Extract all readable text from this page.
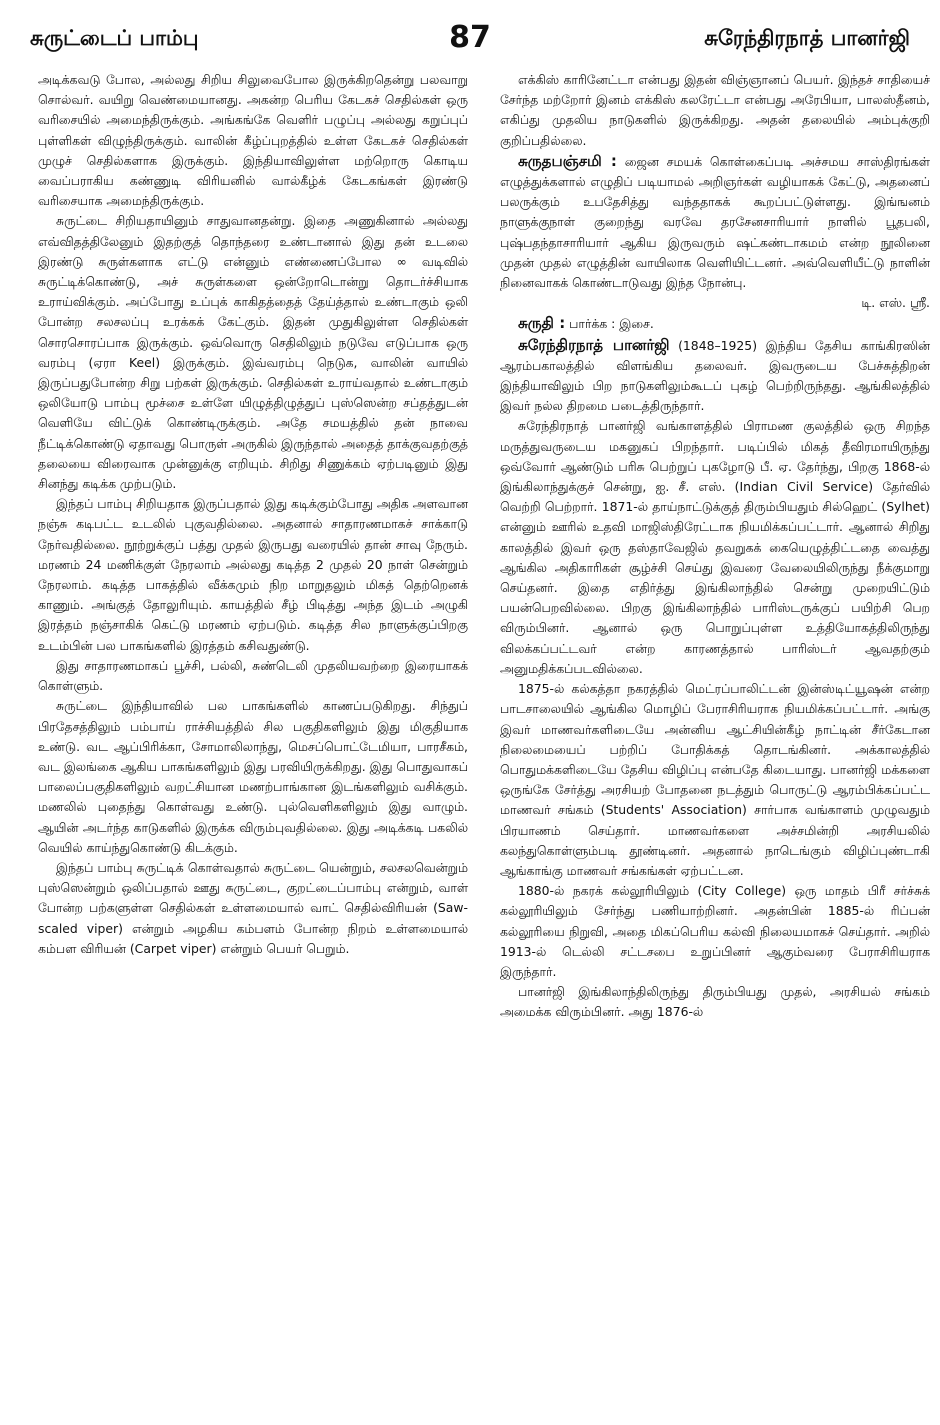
சுருட்டைப் பாம்பு	87	சுரேந்திரநாத் பானர்ஜி

அடிக்கவடு போல, அல்லது சிறிய சிலுவைபோல இருக்கிறதென்று பலவாறு சொல்வர். வயிறு வெண்மையானது. அகன்ற பெரிய கேடகச் செதில்கள் ஒரு வரிசையில் அமைந்திருக்கும். அங்கங்கே வெளிர் பழுப்பு அல்லது கறுப்புப் புள்ளிகள் விழுந்திருக்கும். வாலின் கீழ்ப்புறத்தில் உள்ள கேடகச் செதில்கள் முழுச் செதில்களாக இருக்கும். இந்தியாவிலுள்ள மற்றொரு கொடிய வைப்பராகிய கண்ணுடி விரியனில் வால்கீழ்க் கேடகங்கள் இரண்டு வரிசையாக அமைந்திருக்கும்.

சுருட்டை சிறியதாயினும் சாதுவானதன்று. இதை அணுகினால் அல்லது எவ்விதத்திலேனும் இதற்குத் தொந்தரை உண்டானால் இது தன் உடலை இரண்டு சுருள்களாக எட்டு என்னும் எண்ணைப்போல ∞ வடிவில் சுருட்டிக்கொண்டு, அச் சுருள்களை ஒன்றோடொன்று தொடர்ச்சியாக உராய்விக்கும். அப்போது உப்புக் காகிதத்தைத் தேய்த்தால் உண்டாகும் ஒலி போன்ற சலசலப்பு உரக்கக் கேட்கும். இதன் முதுகிலுள்ள செதில்கள் சொரசொரப்பாக இருக்கும். ஒவ்வொரு செதிலிலும் நடுவே எடுப்பாக ஒரு வரம்பு (ஏரா Keel) இருக்கும். இவ்வரம்பு நெடுக, வாலின் வாயில் இருப்பதுபோன்ற சிறு பற்கள் இருக்கும். செதில்கள் உராய்வதால் உண்டாகும் ஒலியோடு பாம்பு மூச்சை உள்ளே யிழுத்திழுத்துப் புஸ்ஸென்ற சப்தத்துடன் வெளியே விட்டுக் கொண்டிருக்கும். அதே சமயத்தில் தன் நாவை நீட்டிக்கொண்டு ஏதாவது பொருள் அருகில் இருந்தால் அதைத் தாக்குவதற்குத் தலையை விரைவாக முன்னுக்கு எறியும். சிறிது சிணுக்கம் ஏற்படினும் இது சினந்து கடிக்க முற்படும்.

இந்தப் பாம்பு சிறியதாக இருப்பதால் இது கடிக்கும்போது அதிக அளவான நஞ்சு கடிபட்ட உடலில் புகுவதில்லை. அதனால் சாதாரணமாகச் சாக்காடு நேர்வதில்லை. நூற்றுக்குப் பத்து முதல் இருபது வரையில் தான் சாவு நேரும். மரணம் 24 மணிக்குள் நேரலாம் அல்லது கடித்த 2 முதல் 20 நாள் சென்றும் நேரலாம். கடித்த பாகத்தில் வீக்கமும் நிற மாறுதலும் மிகத் தெற்றெனக் காணும். அங்குத் தோலுரியும். காயத்தில் சீழ் பிடித்து அந்த இடம் அழுகி இரத்தம் நஞ்சாகிக் கெட்டு மரணம் ஏற்படும். கடித்த சில நாளுக்குப்பிறகு உடம்பின் பல பாகங்களில் இரத்தம் கசிவதுண்டு.

இது சாதாரணமாகப் பூச்சி, பல்லி, சுண்டெலி முதலியவற்றை இரையாகக் கொள்ளும்.

சுருட்டை இந்தியாவில் பல பாகங்களில் காணப்படுகிறது. சிந்துப் பிரதேசத்திலும் பம்பாய் ராச்சியத்தில் சில பகுதிகளிலும் இது மிகுதியாக உண்டு. வட ஆப்பிரிக்கா, சோமாலிலாந்து, மெசப்பொட்டேமியா, பாரசீகம், வட இலங்கை ஆகிய பாகங்களிலும் இது பரவியிருக்கிறது. இது பொதுவாகப் பாலைப்பகுதிகளிலும் வறட்சியான மணற்பாங்கான இடங்களிலும் வசிக்கும். மணலில் புதைந்து கொள்வது உண்டு. புல்வெளிகளிலும் இது வாழும். ஆயின் அடர்ந்த காடுகளில் இருக்க விரும்புவதில்லை. இது அடிக்கடி பகலில் வெயில் காய்ந்துகொண்டு கிடக்கும்.

இந்தப் பாம்பு சுருட்டிக் கொள்வதால் சுருட்டை யென்றும், சலசலவென்றும் புஸ்ஸென்றும் ஒலிப்பதால் ஊது சுருட்டை, குறட்டைப்பாம்பு என்றும், வாள் போன்ற பற்களுள்ள செதில்கள் உள்ளமையால் வாட் செதில்விரியன் (Saw-scaled viper) என்றும் அழகிய கம்பளம் போன்ற நிறம் உள்ளமையால் கம்பள விரியன் (Carpet viper) என்றும் பெயர் பெறும்.

எக்கிஸ் காரினேட்டா என்பது இதன் விஞ்ஞானப் பெயர். இந்தச் சாதியைச் சேர்ந்த மற்றோர் இனம் எக்கிஸ் கலரேட்டா என்பது அரேபியா, பாலஸ்தீனம், எகிப்து முதலிய நாடுகளில் இருக்கிறது. அதன் தலையில் அம்புக்குறி குறிப்பதில்லை.

சுருதபஞ்சமி : ஜைன சமயக் கொள்கைப்படி அச்சமய சாஸ்திரங்கள் எழுத்துக்களால் எழுதிப் படியாமல் அறிஞர்கள் வழியாகக் கேட்டு, அதனைப் பலருக்கும் உபதேசித்து வந்ததாகக் கூறப்பட்டுள்ளது. இங்ஙனம் நாளுக்குநாள் குறைந்து வரவே தரசேனசாரியார் நாளில் பூதபலி, புஷ்பதந்தாசாரியார் ஆகிய இருவரும் ஷட்கண்டாகமம் என்ற நூலினை முதன் முதல் எழுத்தின் வாயிலாக வெளியிட்டனர். அவ்வெளியீட்டு நாளின் நினைவாகக் கொண்டாடுவது இந்த நோன்பு.

டி. எஸ். ஸ்ரீ.

சுருதி : பார்க்க : இசை.

சுரேந்திரநாத் பானர்ஜி (1848–1925) இந்திய தேசிய காங்கிரஸின் ஆரம்பகாலத்தில் விளங்கிய தலைவர். இவருடைய பேச்சுத்திறன் இந்தியாவிலும் பிற நாடுகளிலும்கூடப் புகழ் பெற்றிருந்தது. ஆங்கிலத்தில் இவர் நல்ல திறமை படைத்திருந்தார்.

சுரேந்திரநாத் பானர்ஜி வங்காளத்தில் பிராமண குலத்தில் ஒரு சிறந்த மருத்துவருடைய மகனுகப் பிறந்தார். படிப்பில் மிகத் தீவிரமாயிருந்து ஒவ்வோர் ஆண்டும் பரிசு பெற்றுப் புகழோடு பீ. ஏ. தேர்ந்து, பிறகு 1868-ல் இங்கிலாந்துக்குச் சென்று, ஐ. சீ. எஸ். (Indian Civil Service) தேர்வில் வெற்றி பெற்றார். 1871-ல் தாய்நாட்டுக்குத் திரும்பியதும் சில்ஹெட் (Sylhet) என்னும் ஊரில் உதவி மாஜிஸ்திரேட்டாக நியமிக்கப்பட்டார். ஆனால் சிறிது காலத்தில் இவர் ஒரு தஸ்தாவேஜில் தவறுகக் கையெழுத்திட்டதை வைத்து ஆங்கில அதிகாரிகள் சூழ்ச்சி செய்து இவரை வேலையிலிருந்து நீக்குமாறு செய்தனர். இதை எதிர்த்து இங்கிலாந்தில் சென்று முறையிட்டும் பயன்பெறவில்லை. பிறகு இங்கிலாந்தில் பாரிஸ்டருக்குப் பயிற்சி பெற விரும்பினர். ஆனால் ஒரு பொறுப்புள்ள உத்தியோகத்திலிருந்து விலக்கப்பட்டவர் என்ற காரணத்தால் பாரிஸ்டர் ஆவதற்கும் அனுமதிக்கப்படவில்லை.

1875-ல் கல்கத்தா நகரத்தில் மெட்ரப்பாலிட்டன் இன்ஸ்டிட்யூஷன் என்ற பாடசாலையில் ஆங்கில மொழிப் பேராசிரியராக நியமிக்கப்பட்டார். அங்கு இவர் மாணவர்களிடையே அன்னிய ஆட்சியின்கீழ் நாட்டின் சீர்கேடான நிலைமையைப் பற்றிப் போதிக்கத் தொடங்கினர். அக்காலத்தில் பொதுமக்களிடையே தேசிய விழிப்பு என்பதே கிடையாது. பானர்ஜி மக்களை ஒருங்கே சேர்த்து அரசியற் போதனை நடத்தும் பொருட்டு ஆரம்பிக்கப்பட்ட மாணவர் சங்கம் (Students' Association) சார்பாக வங்காளம் முழுவதும் பிரயாணம் செய்தார். மாணவர்களை அச்சமின்றி அரசியலில் கலந்துகொள்ளும்படி தூண்டினர். அதனால் நாடெங்கும் விழிப்புண்டாகி ஆங்காங்கு மாணவர் சங்கங்கள் ஏற்பட்டன.

1880-ல் நகரக் கல்லூரியிலும் (City College) ஒரு மாதம் பிரீ சர்ச்சுக் கல்லூரியிலும் சேர்ந்து பணியாற்றினர். அதன்பின் 1885-ல் ரிப்பன் கல்லூரியை நிறுவி, அதை மிகப்பெரிய கல்வி நிலையமாகச் செய்தார். அறில் 1913-ல் டெல்லி சட்டசபை உறுப்பினர் ஆகும்வரை பேராசிரியராக இருந்தார்.

பானர்ஜி இங்கிலாந்திலிருந்து திரும்பியது முதல், அரசியல் சங்கம் அமைக்க விரும்பினர். அது 1876-ல்
